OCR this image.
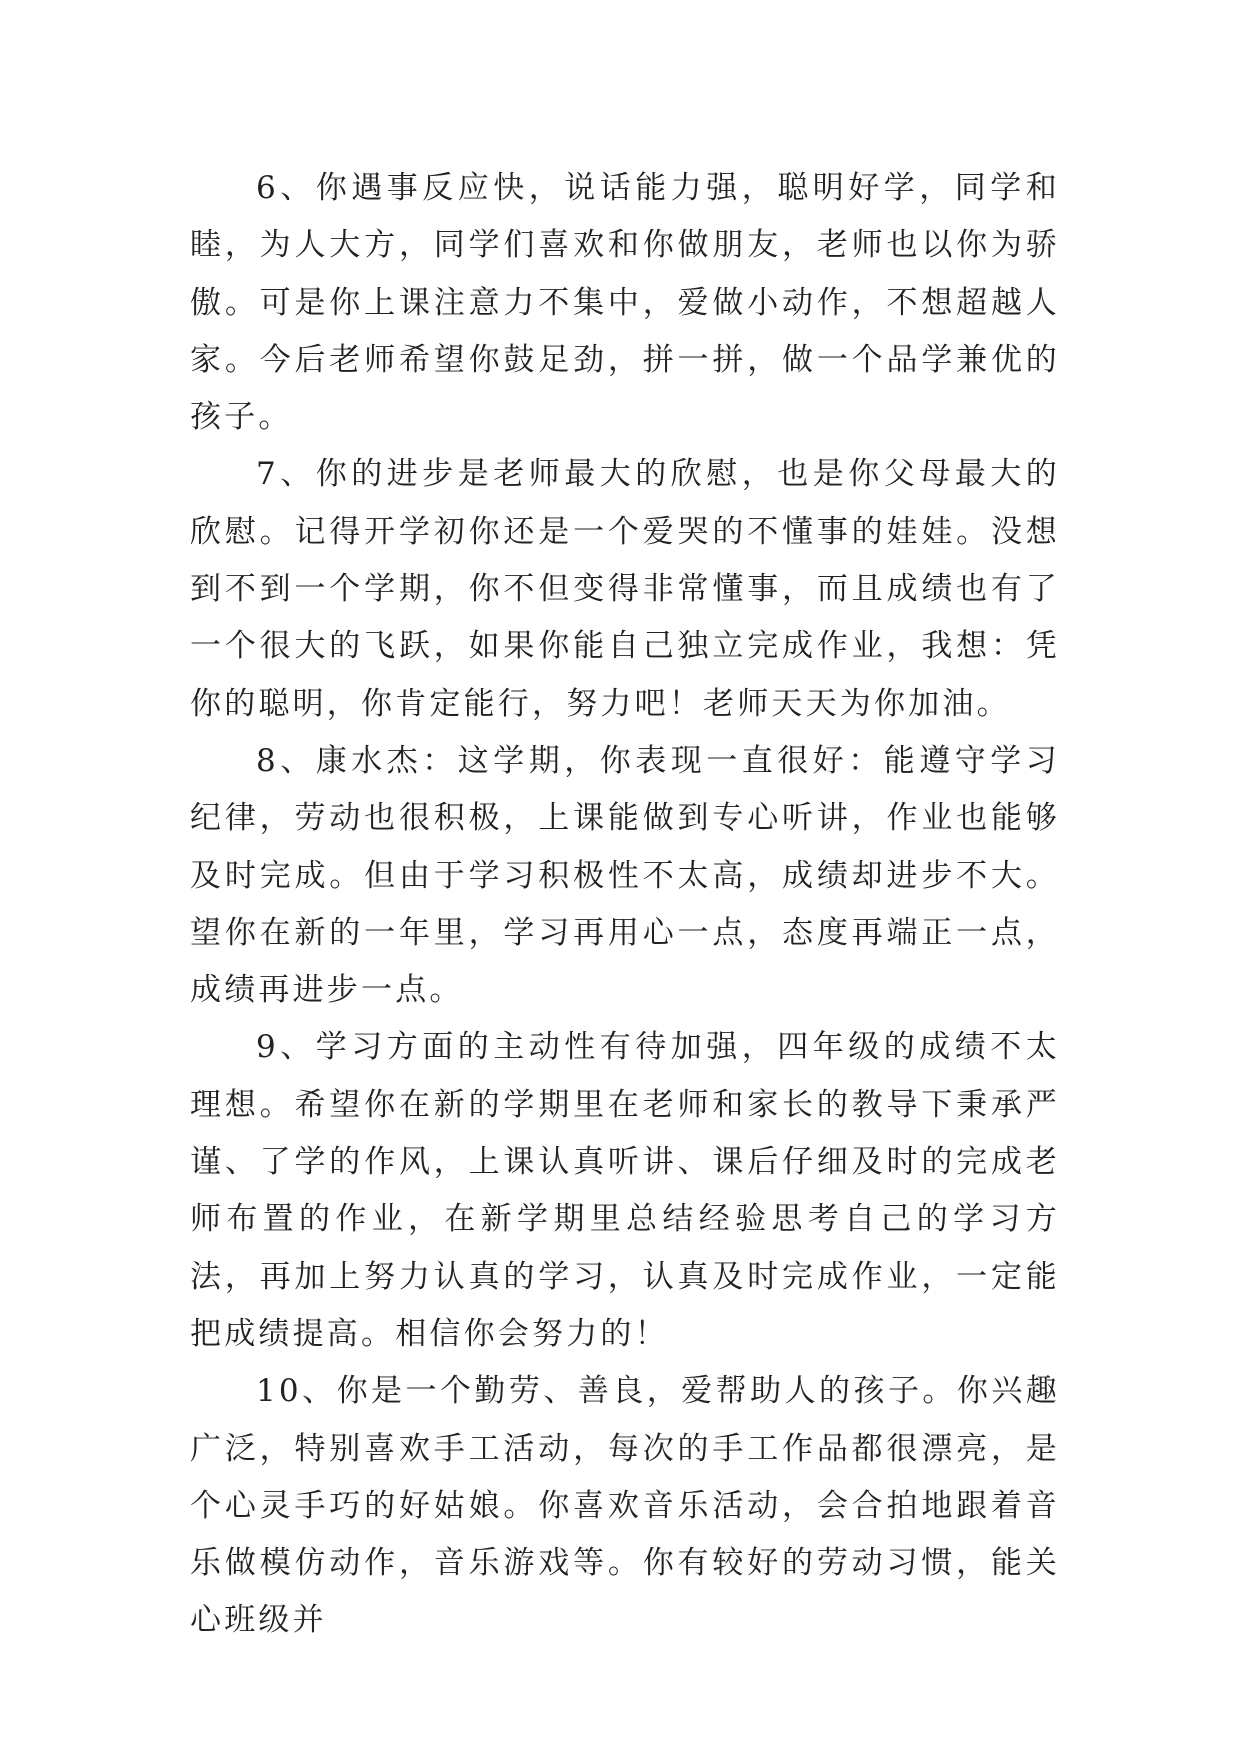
6、你遇事反应快，说话能力强，聪明好学，同学和睦，为人大方，同学们喜欢和你做朋友，老师也以你为骄傲。可是你上课注意力不集中，爱做小动作，不想超越人家。今后老师希望你鼓足劲，拼一拼，做一个品学兼优的孩子。

7、你的进步是老师最大的欣慰，也是你父母最大的欣慰。记得开学初你还是一个爱哭的不懂事的娃娃。没想到不到一个学期，你不但变得非常懂事，而且成绩也有了一个很大的飞跃，如果你能自己独立完成作业，我想：凭你的聪明，你肯定能行，努力吧！老师天天为你加油。

8、康水杰：这学期，你表现一直很好：能遵守学习纪律，劳动也很积极，上课能做到专心听讲，作业也能够及时完成。但由于学习积极性不太高，成绩却进步不大。望你在新的一年里，学习再用心一点，态度再端正一点，成绩再进步一点。

9、学习方面的主动性有待加强，四年级的成绩不太理想。希望你在新的学期里在老师和家长的教导下秉承严谨、了学的作风，上课认真听讲、课后仔细及时的完成老师布置的作业，在新学期里总结经验思考自己的学习方法，再加上努力认真的学习，认真及时完成作业，一定能把成绩提高。相信你会努力的！

10、你是一个勤劳、善良，爱帮助人的孩子。你兴趣广泛，特别喜欢手工活动，每次的手工作品都很漂亮，是个心灵手巧的好姑娘。你喜欢音乐活动，会合拍地跟着音乐做模仿动作，音乐游戏等。你有较好的劳动习惯，能关心班级并
